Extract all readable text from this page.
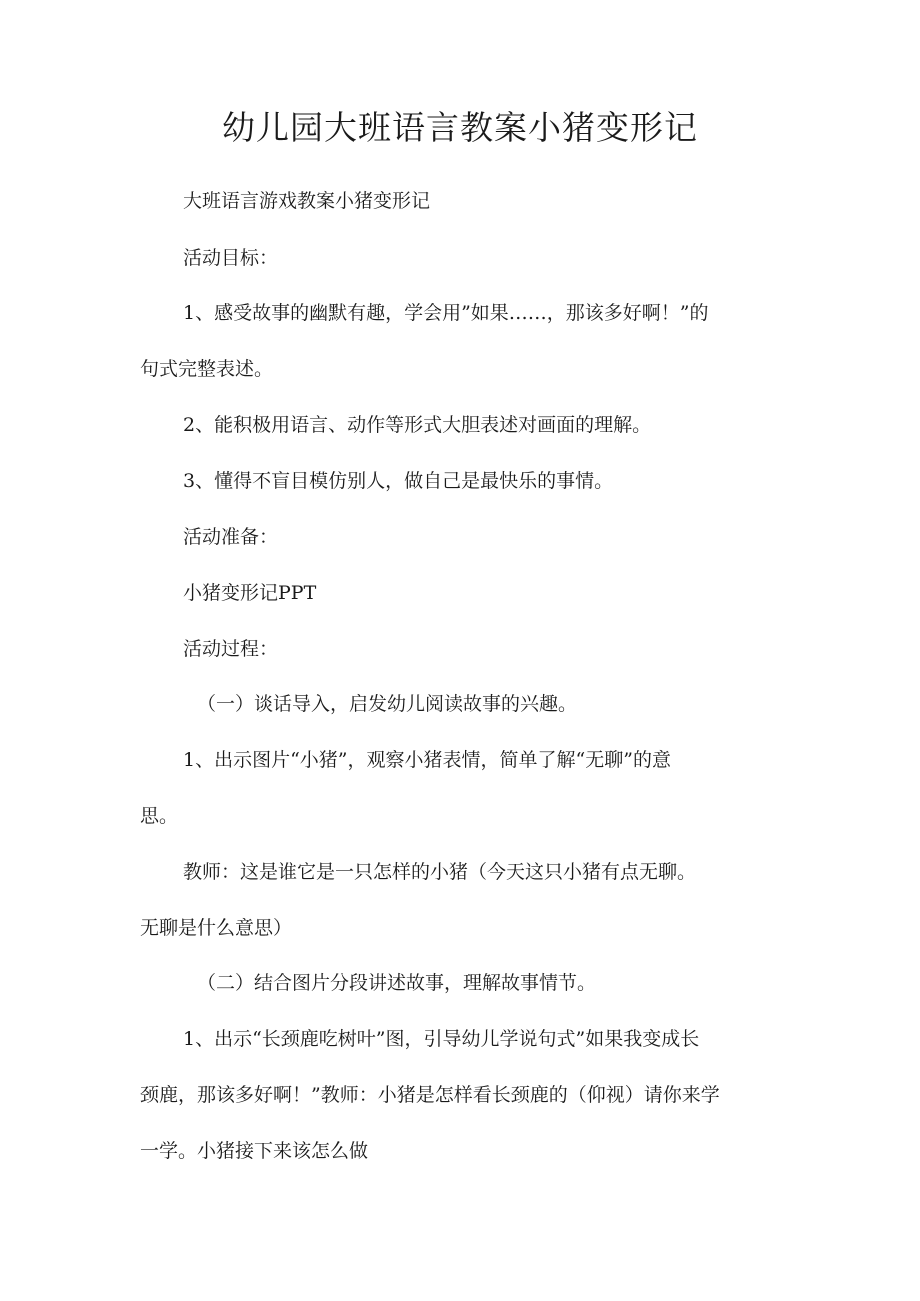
幼儿园大班语言教案小猪变形记
大班语言游戏教案小猪变形记
活动目标：
1、感受故事的幽默有趣，学会用”如果……，那该多好啊！”的
句式完整表述。
2、能积极用语言、动作等形式大胆表述对画面的理解。
3、懂得不盲目模仿别人，做自己是最快乐的事情。
活动准备：
小猪变形记PPT
活动过程：
（一）谈话导入，启发幼儿阅读故事的兴趣。
1、出示图片“小猪”，观察小猪表情，简单了解“无聊”的意
思。
教师：这是谁它是一只怎样的小猪（今天这只小猪有点无聊。
无聊是什么意思）
（二）结合图片分段讲述故事，理解故事情节。
1、出示“长颈鹿吃树叶”图，引导幼儿学说句式”如果我变成长
颈鹿，那该多好啊！”教师：小猪是怎样看长颈鹿的（仰视）请你来学
一学。小猪接下来该怎么做
